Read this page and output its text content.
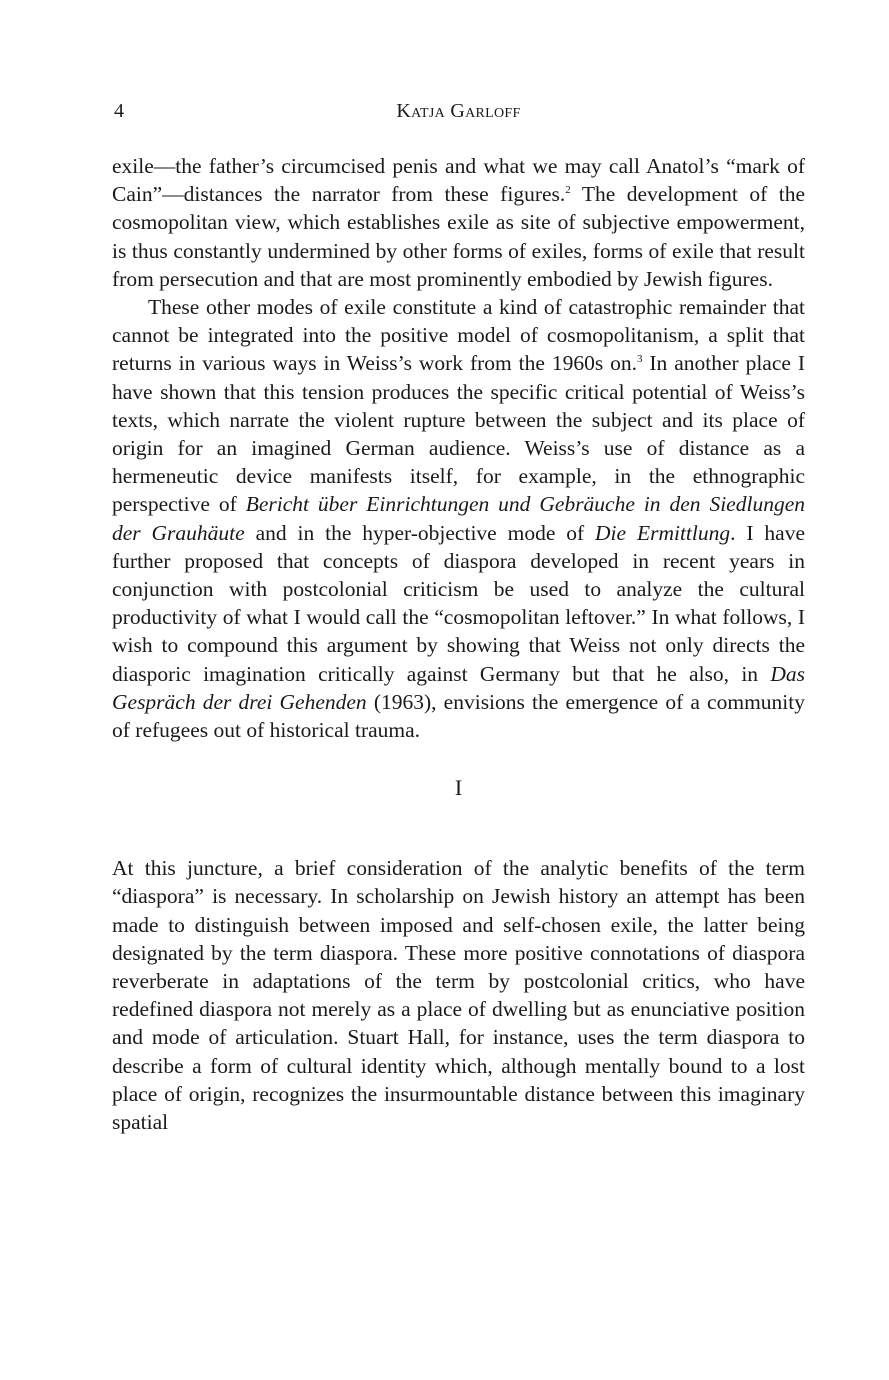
4	Katja Garloff

exile—the father’s circumcised penis and what we may call Anatol’s “mark of Cain”—distances the narrator from these figures.$^2$ The development of the cosmopolitan view, which establishes exile as site of subjective empowerment, is thus constantly undermined by other forms of exiles, forms of exile that result from persecution and that are most prominently embodied by Jewish figures.

These other modes of exile constitute a kind of catastrophic remainder that cannot be integrated into the positive model of cosmopolitanism, a split that returns in various ways in Weiss’s work from the 1960s on.$^3$ In another place I have shown that this tension produces the specific critical potential of Weiss’s texts, which narrate the violent rupture between the subject and its place of origin for an imagined German audience. Weiss’s use of distance as a hermeneutic device manifests itself, for example, in the ethnographic perspective of Bericht über Einrichtungen und Gebräuche in den Siedlungen der Grauhäute and in the hyper-objective mode of Die Ermittlung. I have further proposed that concepts of diaspora developed in recent years in conjunction with postcolonial criticism be used to analyze the cultural productivity of what I would call the “cosmopolitan leftover.” In what follows, I wish to compound this argument by showing that Weiss not only directs the diasporic imagination critically against Germany but that he also, in Das Gespräch der drei Gehenden (1963), envisions the emergence of a community of refugees out of historical trauma.

I

At this juncture, a brief consideration of the analytic benefits of the term “diaspora” is necessary. In scholarship on Jewish history an attempt has been made to distinguish between imposed and self-chosen exile, the latter being designated by the term diaspora. These more positive connotations of diaspora reverberate in adaptations of the term by postcolonial critics, who have redefined diaspora not merely as a place of dwelling but as enunciative position and mode of articulation. Stuart Hall, for instance, uses the term diaspora to describe a form of cultural identity which, although mentally bound to a lost place of origin, recognizes the insurmountable distance between this imaginary spatial
